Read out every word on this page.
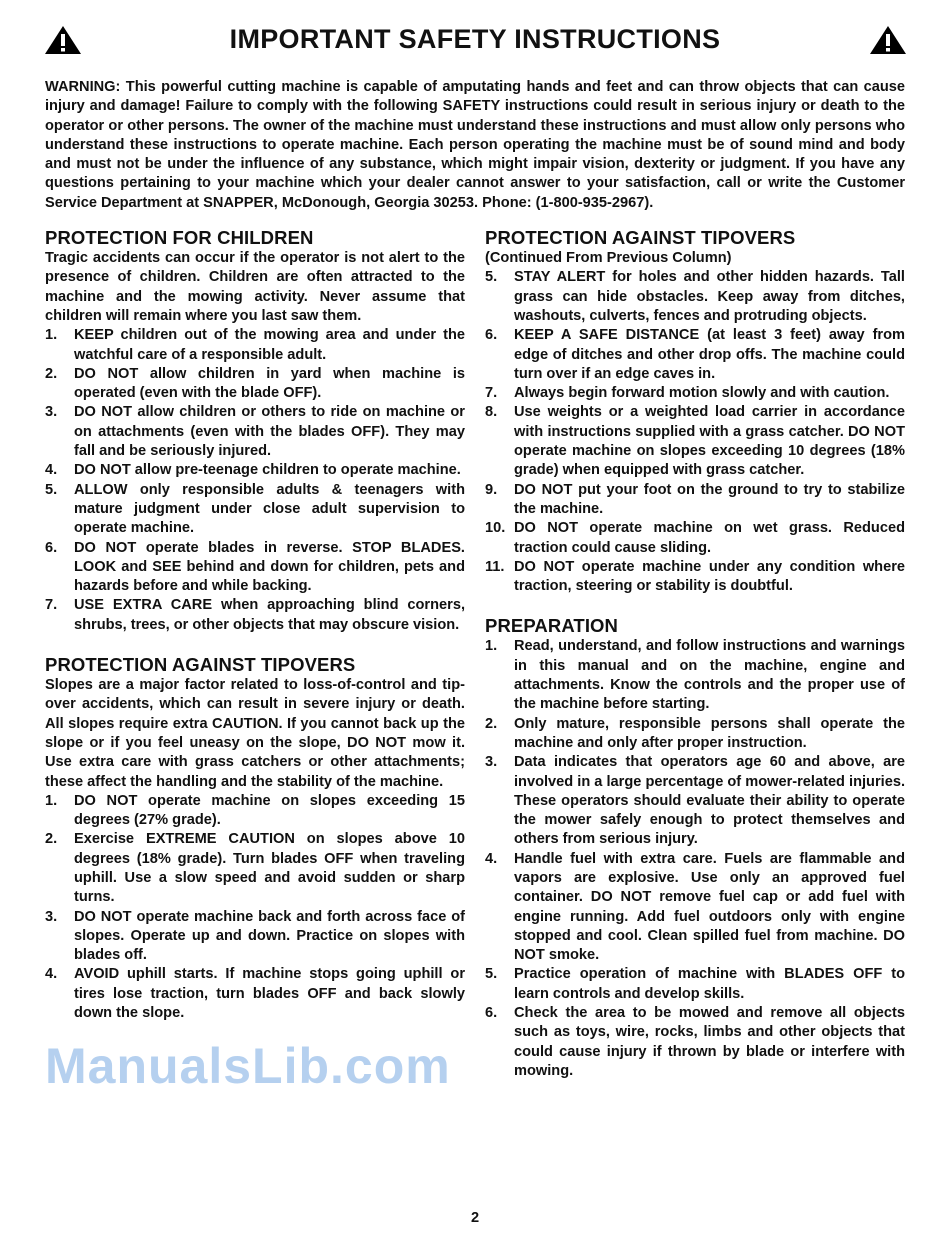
IMPORTANT SAFETY INSTRUCTIONS
WARNING: This powerful cutting machine is capable of amputating hands and feet and can throw objects that can cause injury and damage! Failure to comply with the following SAFETY instructions could result in serious injury or death to the operator or other persons. The owner of the machine must understand these instructions and must allow only persons who understand these instructions to operate machine. Each person operating the machine must be of sound mind and body and must not be under the influence of any substance, which might impair vision, dexterity or judgment. If you have any questions pertaining to your machine which your dealer cannot answer to your satisfaction, call or write the Customer Service Department at SNAPPER, McDonough, Georgia 30253. Phone: (1-800-935-2967).
PROTECTION FOR CHILDREN

Tragic accidents can occur if the operator is not alert to the presence of children. Children are often attracted to the machine and the mowing activity. Never assume that children will remain where you last saw them.

1. KEEP children out of the mowing area and under the watchful care of a responsible adult.
2. DO NOT allow children in yard when machine is operated (even with the blade OFF).
3. DO NOT allow children or others to ride on machine or on attachments (even with the blades OFF). They may fall and be seriously injured.
4. DO NOT allow pre-teenage children to operate machine.
5. ALLOW only responsible adults & teenagers with mature judgment under close adult supervision to operate machine.
6. DO NOT operate blades in reverse. STOP BLADES. LOOK and SEE behind and down for children, pets and hazards before and while backing.
7. USE EXTRA CARE when approaching blind corners, shrubs, trees, or other objects that may obscure vision.
PROTECTION AGAINST TIPOVERS

Slopes are a major factor related to loss-of-control and tip-over accidents, which can result in severe injury or death. All slopes require extra CAUTION. If you cannot back up the slope or if you feel uneasy on the slope, DO NOT mow it. Use extra care with grass catchers or other attachments; these affect the handling and the stability of the machine.

1. DO NOT operate machine on slopes exceeding 15 degrees (27% grade).
2. Exercise EXTREME CAUTION on slopes above 10 degrees (18% grade). Turn blades OFF when traveling uphill. Use a slow speed and avoid sudden or sharp turns.
3. DO NOT operate machine back and forth across face of slopes. Operate up and down. Practice on slopes with blades off.
4. AVOID uphill starts. If machine stops going uphill or tires lose traction, turn blades OFF and back slowly down the slope.
ManualsLib.com
PROTECTION AGAINST TIPOVERS
(Continued From Previous Column)
5. STAY ALERT for holes and other hidden hazards. Tall grass can hide obstacles. Keep away from ditches, washouts, culverts, fences and protruding objects.
6. KEEP A SAFE DISTANCE (at least 3 feet) away from edge of ditches and other drop offs. The machine could turn over if an edge caves in.
7. Always begin forward motion slowly and with caution.
8. Use weights or a weighted load carrier in accordance with instructions supplied with a grass catcher. DO NOT operate machine on slopes exceeding 10 degrees (18% grade) when equipped with grass catcher.
9. DO NOT put your foot on the ground to try to stabilize the machine.
10. DO NOT operate machine on wet grass. Reduced traction could cause sliding.
11. DO NOT operate machine under any condition where traction, steering or stability is doubtful.
PREPARATION
1. Read, understand, and follow instructions and warnings in this manual and on the machine, engine and attachments. Know the controls and the proper use of the machine before starting.
2. Only mature, responsible persons shall operate the machine and only after proper instruction.
3. Data indicates that operators age 60 and above, are involved in a large percentage of mower-related injuries. These operators should evaluate their ability to operate the mower safely enough to protect themselves and others from serious injury.
4. Handle fuel with extra care. Fuels are flammable and vapors are explosive. Use only an approved fuel container. DO NOT remove fuel cap or add fuel with engine running. Add fuel outdoors only with engine stopped and cool. Clean spilled fuel from machine. DO NOT smoke.
5. Practice operation of machine with BLADES OFF to learn controls and develop skills.
6. Check the area to be mowed and remove all objects such as toys, wire, rocks, limbs and other objects that could cause injury if thrown by blade or interfere with mowing.
2
